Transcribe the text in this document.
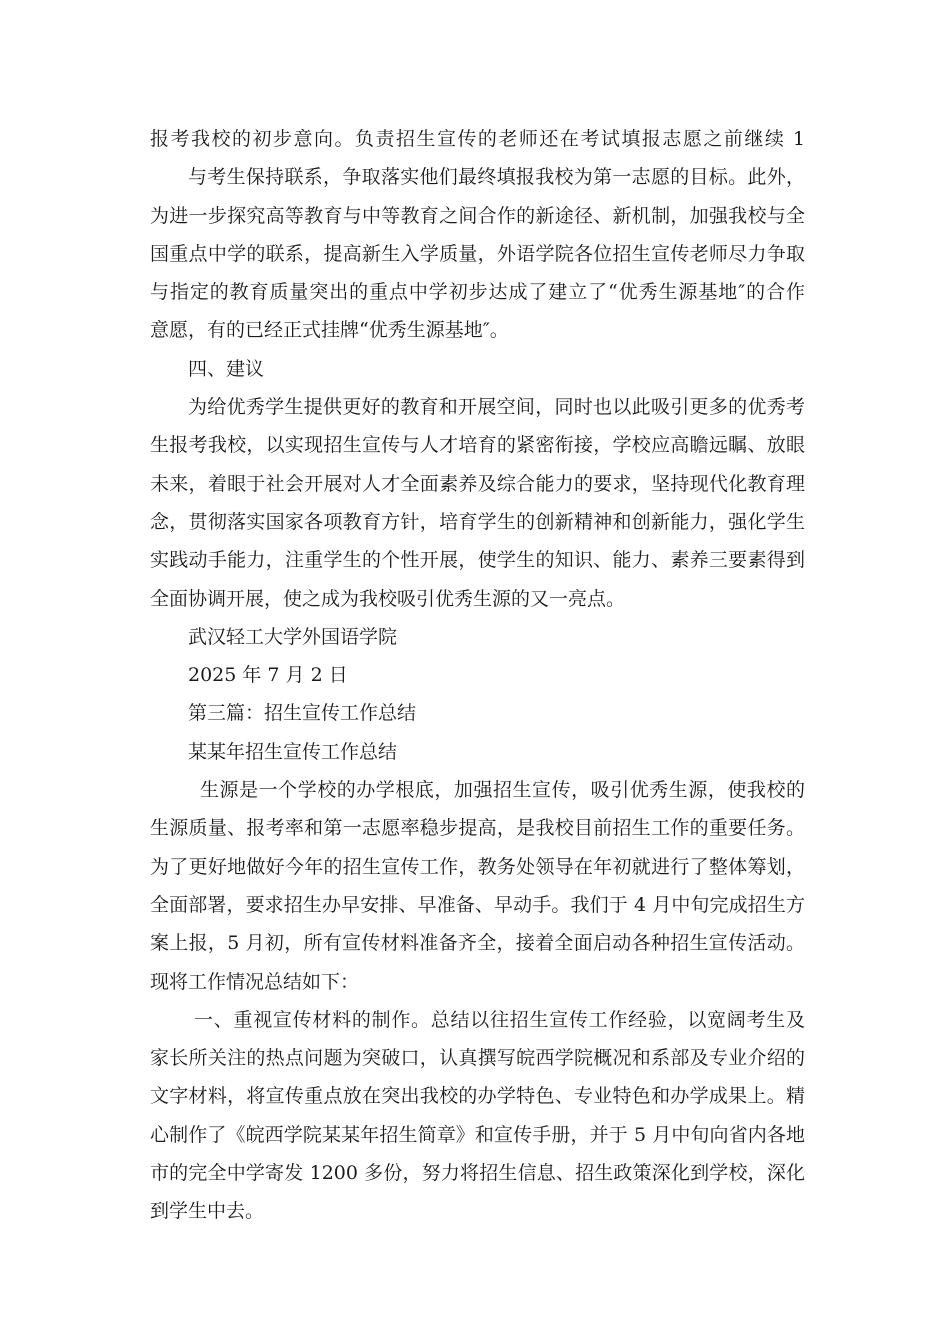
报考我校的初步意向。负责招生宣传的老师还在考试填报志愿之前继续 1
与考生保持联系，争取落实他们最终填报我校为第一志愿的目标。此外，
为进一步探究高等教育与中等教育之间合作的新途径、新机制，加强我校与全
国重点中学的联系，提高新生入学质量，外语学院各位招生宣传老师尽力争取
与指定的教育质量突出的重点中学初步达成了建立了“优秀生源基地″的合作
意愿，有的已经正式挂牌“优秀生源基地″。
四、建议
为给优秀学生提供更好的教育和开展空间，同时也以此吸引更多的优秀考
生报考我校，以实现招生宣传与人才培育的紧密衔接，学校应高瞻远瞩、放眼
未来，着眼于社会开展对人才全面素养及综合能力的要求，坚持现代化教育理
念，贯彻落实国家各项教育方针，培育学生的创新精神和创新能力，强化学生
实践动手能力，注重学生的个性开展，使学生的知识、能力、素养三要素得到
全面协调开展，使之成为我校吸引优秀生源的又一亮点。
武汉轻工大学外国语学院
2025 年 7 月 2 日
第三篇：招生宣传工作总结
某某年招生宣传工作总结
生源是一个学校的办学根底，加强招生宣传，吸引优秀生源，使我校的
生源质量、报考率和第一志愿率稳步提高，是我校目前招生工作的重要任务。
为了更好地做好今年的招生宣传工作，教务处领导在年初就进行了整体筹划，
全面部署，要求招生办早安排、早准备、早动手。我们于 4 月中旬完成招生方
案上报，5 月初，所有宣传材料准备齐全，接着全面启动各种招生宣传活动。
现将工作情况总结如下：
一、重视宣传材料的制作。总结以往招生宣传工作经验，以宽阔考生及
家长所关注的热点问题为突破口，认真撰写皖西学院概况和系部及专业介绍的
文字材料，将宣传重点放在突出我校的办学特色、专业特色和办学成果上。精
心制作了《皖西学院某某年招生简章》和宣传手册，并于 5 月中旬向省内各地
市的完全中学寄发 1200 多份，努力将招生信息、招生政策深化到学校，深化
到学生中去。
